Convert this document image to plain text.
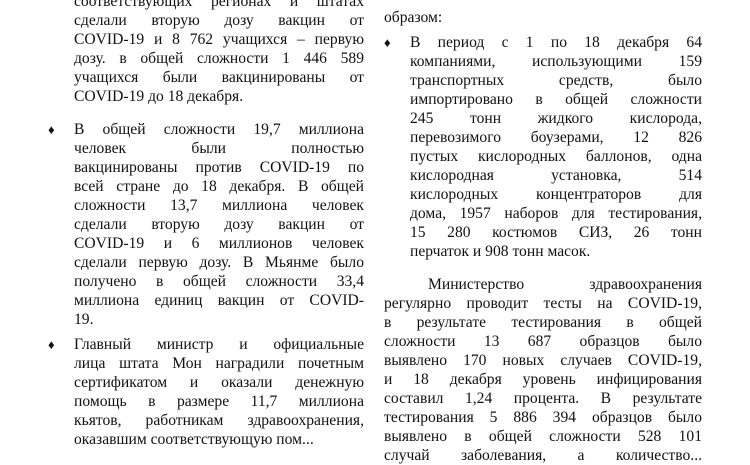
соответствующих регионах и штатах
сделали вторую дозу вакцин от
COVID-19 и 8 762 учащихся – первую
дозу. в общей сложности 1 446 589
учащихся были вакцинированы от
COVID-19 до 18 декабря.
♦	В общей сложности 19,7 миллиона
человек были полностью
вакцинированы против COVID-19 по
всей стране до 18 декабря. В общей
сложности 13,7 миллиона человек
сделали вторую дозу вакцин от
COVID-19 и 6 миллионов человек
сделали первую дозу. В Мьянме было
получено в общей сложности 33,4
миллиона единиц вакцин от COVID-
19.
♦	Главный министр и официальные
лица штата Мон наградили почетным
сертификатом и оказали денежную
помощь в размере 11,7 миллиона
кьятов, работникам здравоохранения,
оказавшим соответствующую пом...
образом:
♦	В период с 1 по 18 декабря 64
компаниями, использующими 159
транспортных средств, было
импортировано в общей сложности
245 тонн жидкого кислорода,
перевозимого боузерами, 12 826
пустых кислородных баллонов, одна
кислородная установка, 514
кислородных концентраторов для
дома, 1957 наборов для тестирования,
15 280 костюмов СИЗ, 26 тонн
перчаток и 908 тонн масок.
Министерство здравоохранения
регулярно проводит тесты на COVID-19,
в результате тестирования в общей
сложности 13 687 образцов было
выявлено 170 новых случаев COVID-19,
и 18 декабря уровень инфицирования
составил 1,24 процента. В результате
тестирования 5 886 394 образцов было
выявлено в общей сложности 528 101
случай заболевания, а количество...
